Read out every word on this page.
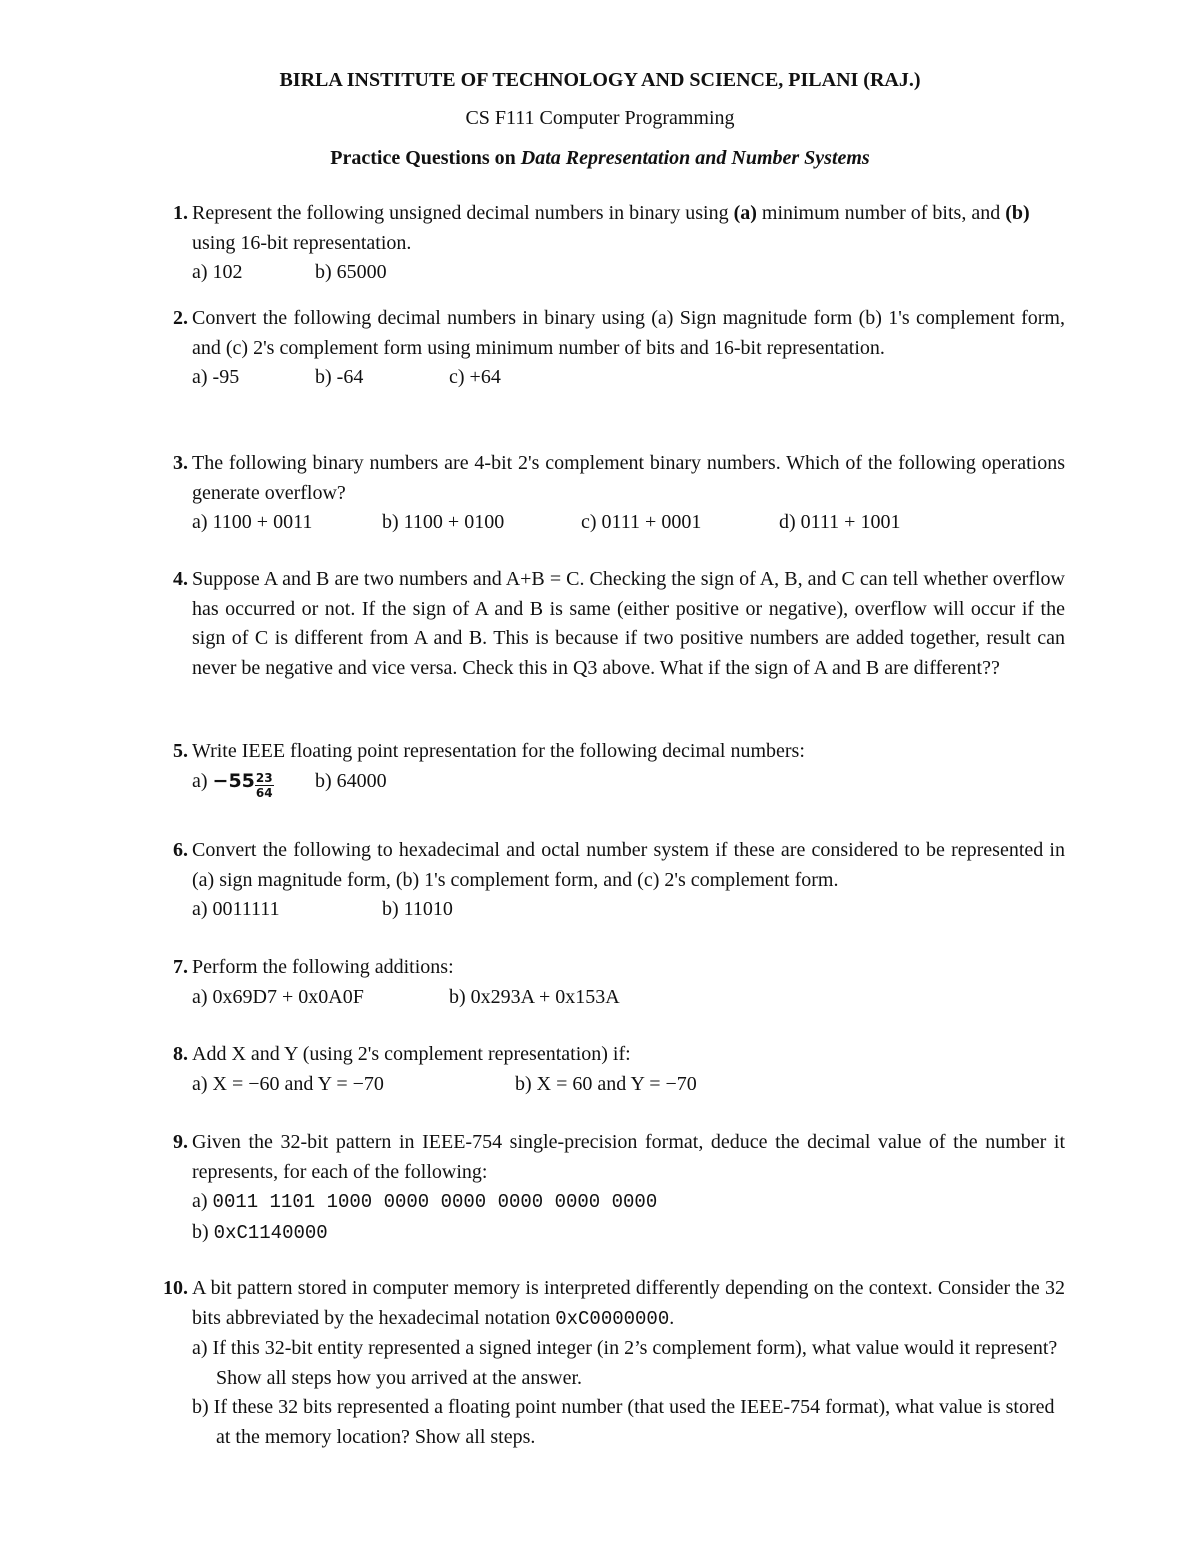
BIRLA INSTITUTE OF TECHNOLOGY AND SCIENCE, PILANI (RAJ.)
CS F111 Computer Programming
Practice Questions on Data Representation and Number Systems
1. Represent the following unsigned decimal numbers in binary using (a) minimum number of bits, and (b) using 16-bit representation.

a) 102	b) 65000
2. Convert the following decimal numbers in binary using (a) Sign magnitude form (b) 1's complement form, and (c) 2's complement form using minimum number of bits and 16-bit representation.

a) -95	b) -64	c) +64
3. The following binary numbers are 4-bit 2's complement binary numbers. Which of the following operations generate overflow?

a) 1100 + 0011	b) 1100 + 0100	c) 0111 + 0001	d) 0111 + 1001
4. Suppose A and B are two numbers and A+B = C. Checking the sign of A, B, and C can tell whether overflow has occurred or not. If the sign of A and B is same (either positive or negative), overflow will occur if the sign of C is different from A and B. This is because if two positive numbers are added together, result can never be negative and vice versa. Check this in Q3 above. What if the sign of A and B are different??

5. Write IEEE floating point representation for the following decimal numbers:

$a) -55 \frac{23}{64} b$) 64000
6. Convert the following to hexadecimal and octal number system if these are considered to be represented in (a) sign magnitude form, (b) 1's complement form, and (c) 2's complement form.

a) 0011111	b) 11010
7. Perform the following additions:

a) 0x69D7 + 0x0A0F	b) 0x293A + 0x153A
8. Add X and Y (using 2's complement representation) if:

a) X = −60 and Y = −70	b) X = 60 and Y = −70
9. Given the 32-bit pattern in IEEE-754 single-precision format, deduce the decimal value of the number it represents, for each of the following:

a) 0011 1101 1000 0000 0000 0000 0000 0000

b) 0xC1140000

10. A bit pattern stored in computer memory is interpreted differently depending on the context. Consider the 32 bits abbreviated by the hexadecimal notation 0xC0000000.

a) If this 32-bit entity represented a signed integer (in 2’s complement form), what value would it represent? Show all steps how you arrived at the answer.

b) If these 32 bits represented a floating point number (that used the IEEE-754 format), what value is stored at the memory location? Show all steps.
